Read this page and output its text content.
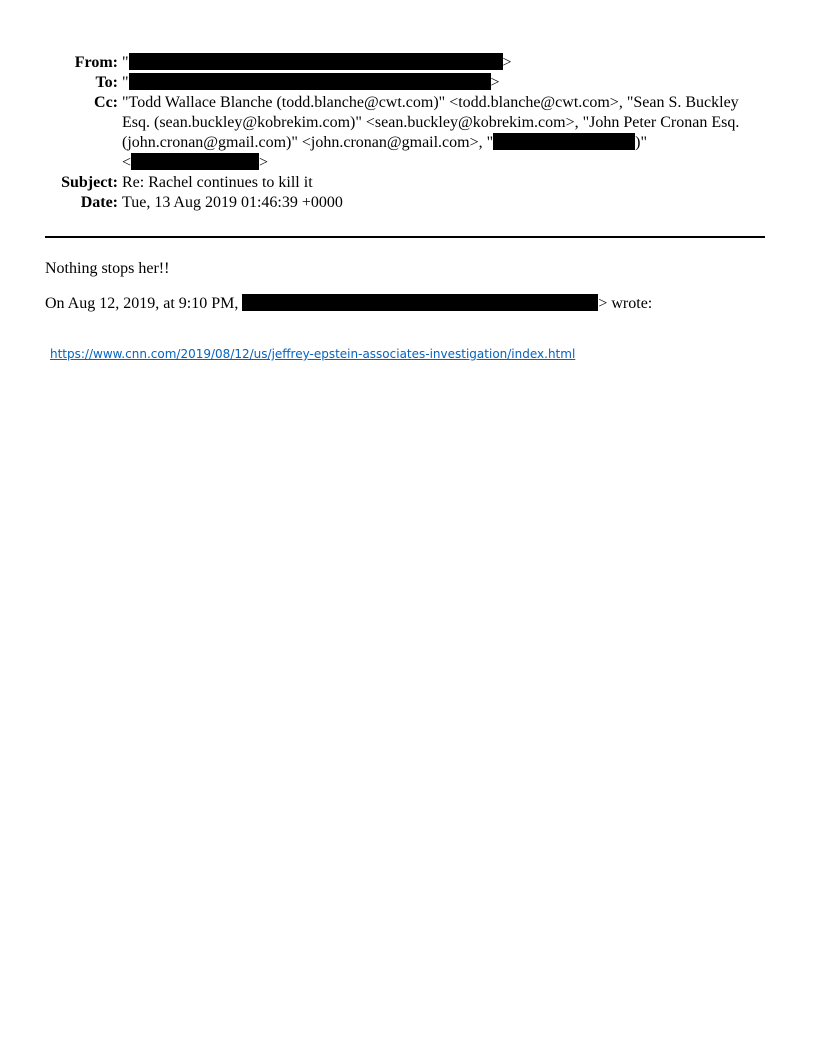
From: "	>
To: "	>
Cc: "Todd Wallace Blanche (todd.blanche@cwt.com)" <todd.blanche@cwt.com>, "Sean S. Buckley Esq. (sean.buckley@kobrekim.com)" <sean.buckley@kobrekim.com>, "John Peter Cronan Esq. (john.cronan@gmail.com)" <john.cronan@gmail.com>, "	)"
<	>
Subject: Re: Rachel continues to kill it
Date: Tue, 13 Aug 2019 01:46:39 +0000
Nothing stops her!!
On Aug 12, 2019, at 9:10 PM,	> wrote:
https://www.cnn.com/2019/08/12/us/jeffrey-epstein-associates-investigation/index.html
